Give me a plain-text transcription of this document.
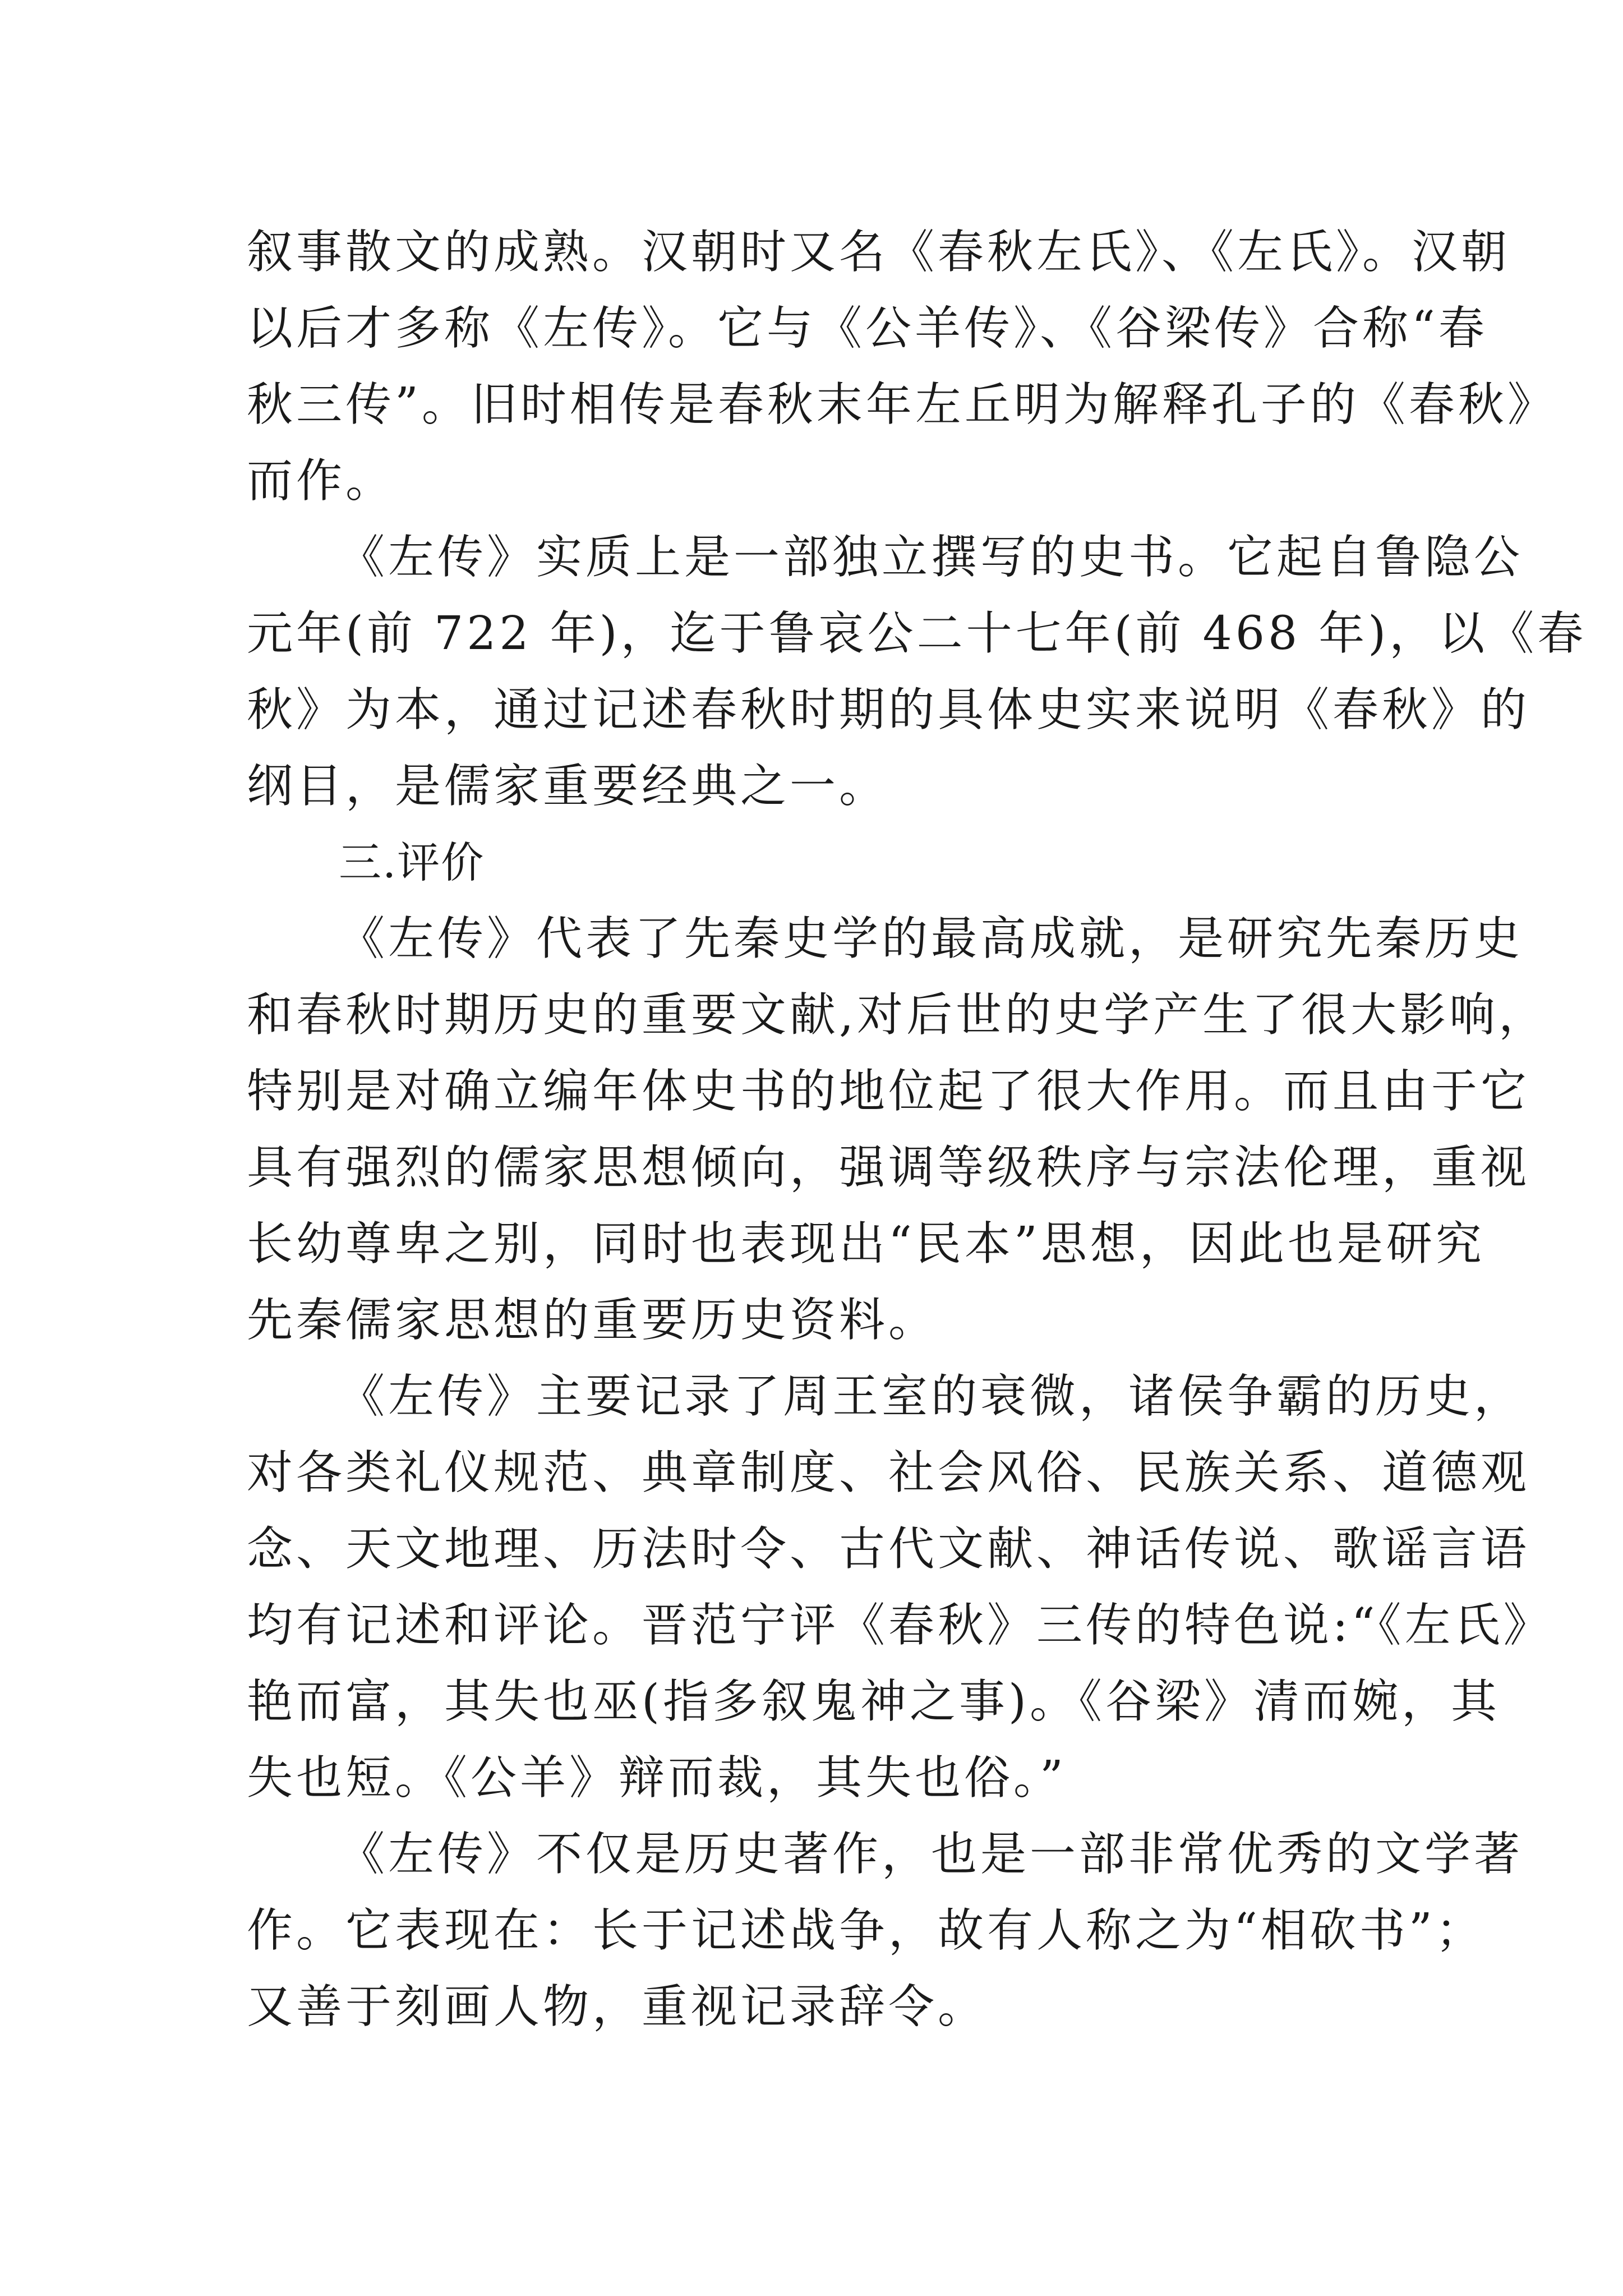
叙事散文的成熟。汉朝时又名《春秋左氏》、《左氏》。汉朝
以后才多称《左传》。它与《公羊传》、《谷梁传》合称“春
秋三传”。旧时相传是春秋末年左丘明为解释孔子的《春秋》
而作。
《左传》实质上是一部独立撰写的史书。它起自鲁隐公
元年(前 722 年)，迄于鲁哀公二十七年(前 468 年)，以《春
秋》为本，通过记述春秋时期的具体史实来说明《春秋》的
纲目，是儒家重要经典之一。
三.评价
《左传》代表了先秦史学的最高成就，是研究先秦历史
和春秋时期历史的重要文献,对后世的史学产生了很大影响，
特别是对确立编年体史书的地位起了很大作用。而且由于它
具有强烈的儒家思想倾向，强调等级秩序与宗法伦理，重视
长幼尊卑之别，同时也表现出“民本”思想，因此也是研究
先秦儒家思想的重要历史资料。
《左传》主要记录了周王室的衰微，诸侯争霸的历史，
对各类礼仪规范、典章制度、社会风俗、民族关系、道德观
念、天文地理、历法时令、古代文献、神话传说、歌谣言语
均有记述和评论。晋范宁评《春秋》三传的特色说:“《左氏》
艳而富，其失也巫(指多叙鬼神之事)。《谷梁》清而婉，其
失也短。《公羊》辩而裁，其失也俗。”
《左传》不仅是历史著作，也是一部非常优秀的文学著
作。它表现在：长于记述战争，故有人称之为“相砍书”；
又善于刻画人物，重视记录辞令。
